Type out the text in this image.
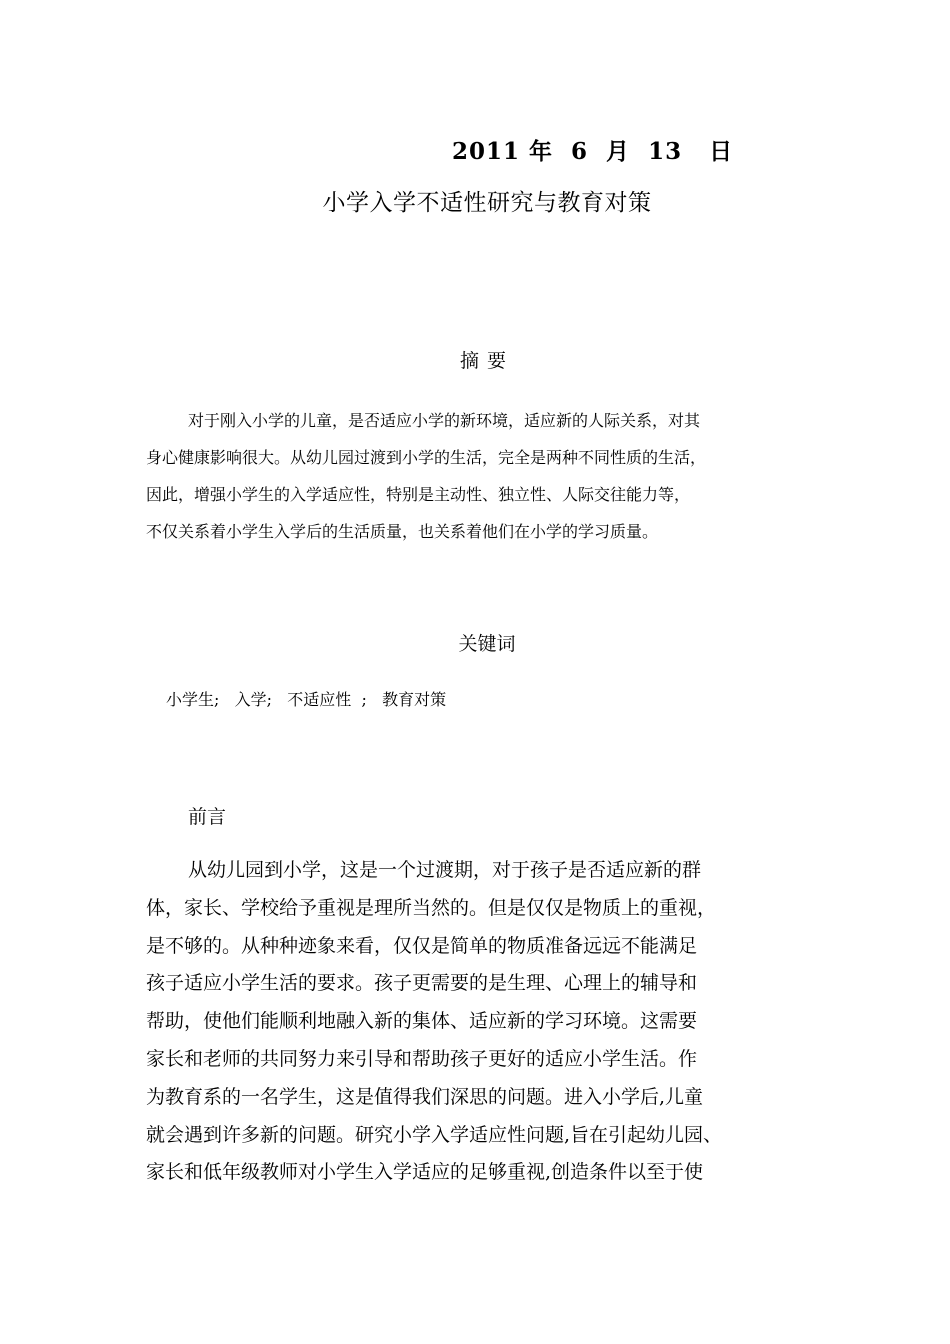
2011 年  6  月  13   日
小学入学不适性研究与教育对策
摘要
对于刚入小学的儿童，是否适应小学的新环境，适应新的人际关系，对其
身心健康影响很大。从幼儿园过渡到小学的生活，完全是两种不同性质的生活，
因此，增强小学生的入学适应性，特别是主动性、独立性、人际交往能力等，
不仅关系着小学生入学后的生活质量，也关系着他们在小学的学习质量。
关键词
小学生;   入学;   不适应性  ;   教育对策
前言
从幼儿园到小学，这是一个过渡期，对于孩子是否适应新的群
体，家长、学校给予重视是理所当然的。但是仅仅是物质上的重视，
是不够的。从种种迹象来看，仅仅是简单的物质准备远远不能满足
孩子适应小学生活的要求。孩子更需要的是生理、心理上的辅导和
帮助，使他们能顺利地融入新的集体、适应新的学习环境。这需要
家长和老师的共同努力来引导和帮助孩子更好的适应小学生活。作
为教育系的一名学生，这是值得我们深思的问题。进入小学后,儿童
就会遇到许多新的问题。研究小学入学适应性问题,旨在引起幼儿园、
家长和低年级教师对小学生入学适应的足够重视,创造条件以至于使
